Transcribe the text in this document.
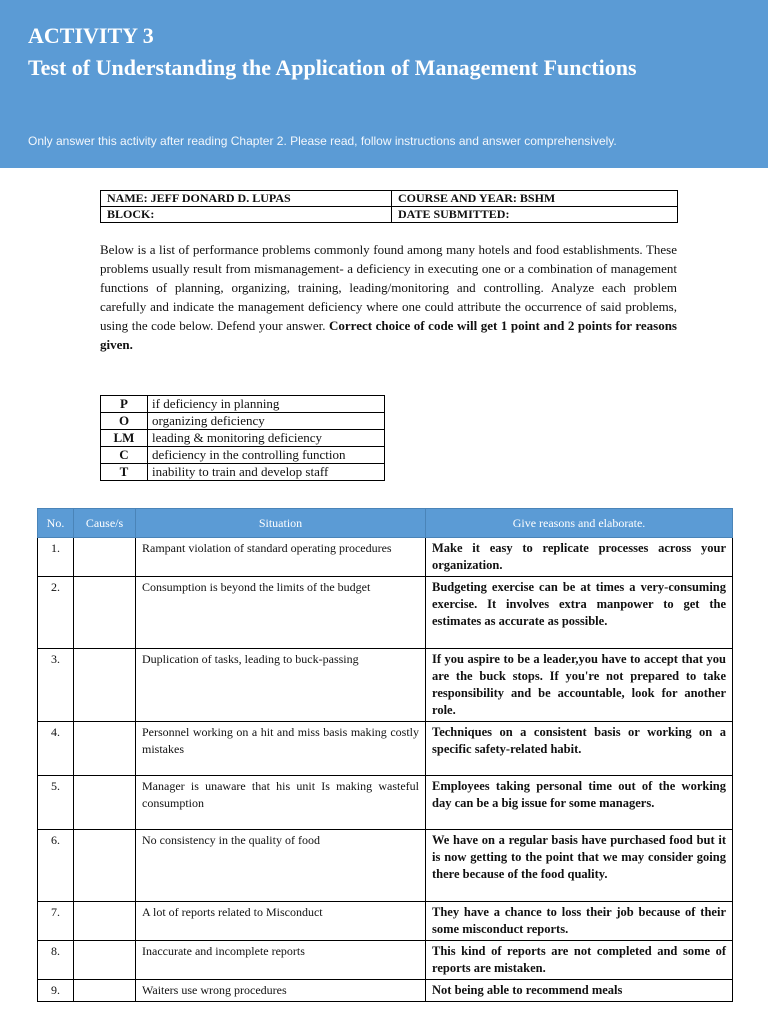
ACTIVITY 3
Test of Understanding the Application of Management Functions
Only answer this activity after reading Chapter 2. Please read, follow instructions and answer comprehensively.
NAME: JEFF DONARD D. LUPAS	COURSE AND YEAR: BSHM
BLOCK:	DATE SUBMITTED:

Below is a list of performance problems commonly found among many hotels and food establishments. These problems usually result from mismanagement- a deficiency in executing one or a combination of management functions of planning, organizing, training, leading/monitoring and controlling. Analyze each problem carefully and indicate the management deficiency where one could attribute the occurrence of said problems, using the code below. Defend your answer. Correct choice of code will get 1 point and 2 points for reasons given.

P	if deficiency in planning
O	organizing deficiency
LM	leading & monitoring deficiency
C	deficiency in the controlling function
T	inability to train and develop staff
No.	Cause/s	Situation	Give reasons and elaborate.
1.		Rampant violation of standard operating procedures	Make it easy to replicate processes across your organization.
2.		Consumption is beyond the limits of the budget	Budgeting exercise can be at times a very-consuming exercise. It involves extra manpower to get the estimates as accurate as possible.
3.		Duplication of tasks, leading to buck-passing	If you aspire to be a leader,you have to accept that you are the buck stops. If you're not prepared to take responsibility and be accountable, look for another role.
4.		Personnel working on a hit and miss basis making costly mistakes	Techniques on a consistent basis or working on a specific safety-related habit.
5.		Manager is unaware that his unit Is making wasteful consumption	Employees taking personal time out of the working day can be a big issue for some managers.
6.		No consistency in the quality of food	We have on a regular basis have purchased food but it is now getting to the point that we may consider going there because of the food quality.
7.		A lot of reports related to Misconduct	They have a chance to loss their job because of their some misconduct reports.
8.		Inaccurate and incomplete reports	This kind of reports are not completed and some of reports are mistaken.
9.		Waiters use wrong procedures	Not being able to recommend meals
